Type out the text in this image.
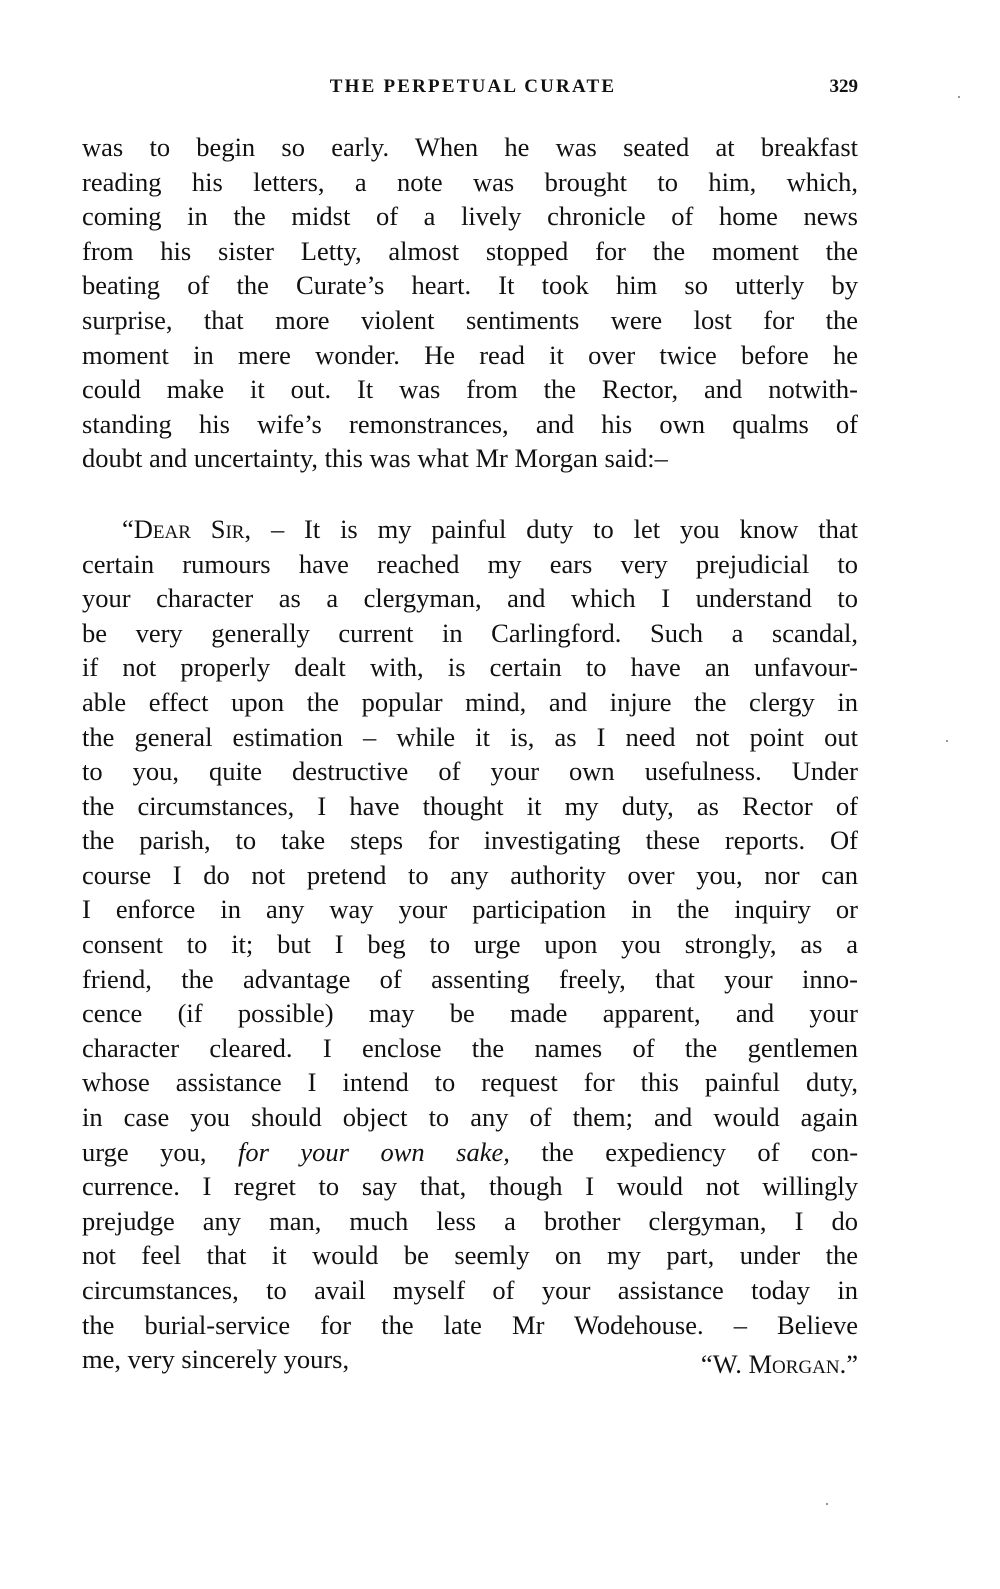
THE PERPETUAL CURATE	329
was to begin so early. When he was seated at breakfast
reading his letters, a note was brought to him, which,
coming in the midst of a lively chronicle of home news
from his sister Letty, almost stopped for the moment the
beating of the Curate’s heart. It took him so utterly by
surprise, that more violent sentiments were lost for the
moment in mere wonder. He read it over twice before he
could make it out. It was from the Rector, and notwith-
standing his wife’s remonstrances, and his own qualms of
doubt and uncertainty, this was what Mr Morgan said:–
“Dear Sir, – It is my painful duty to let you know that
certain rumours have reached my ears very prejudicial to
your character as a clergyman, and which I understand to
be very generally current in Carlingford. Such a scandal,
if not properly dealt with, is certain to have an unfavour-
able effect upon the popular mind, and injure the clergy in
the general estimation – while it is, as I need not point out
to you, quite destructive of your own usefulness. Under
the circumstances, I have thought it my duty, as Rector of
the parish, to take steps for investigating these reports. Of
course I do not pretend to any authority over you, nor can
I enforce in any way your participation in the inquiry or
consent to it; but I beg to urge upon you strongly, as a
friend, the advantage of assenting freely, that your inno-
cence (if possible) may be made apparent, and your
character cleared. I enclose the names of the gentlemen
whose assistance I intend to request for this painful duty,
in case you should object to any of them; and would again
urge you, for your own sake, the expediency of con-
currence. I regret to say that, though I would not willingly
prejudge any man, much less a brother clergyman, I do
not feel that it would be seemly on my part, under the
circumstances, to avail myself of your assistance today in
the burial-service for the late Mr Wodehouse. – Believe
me, very sincerely yours,	“W. Morgan.”
